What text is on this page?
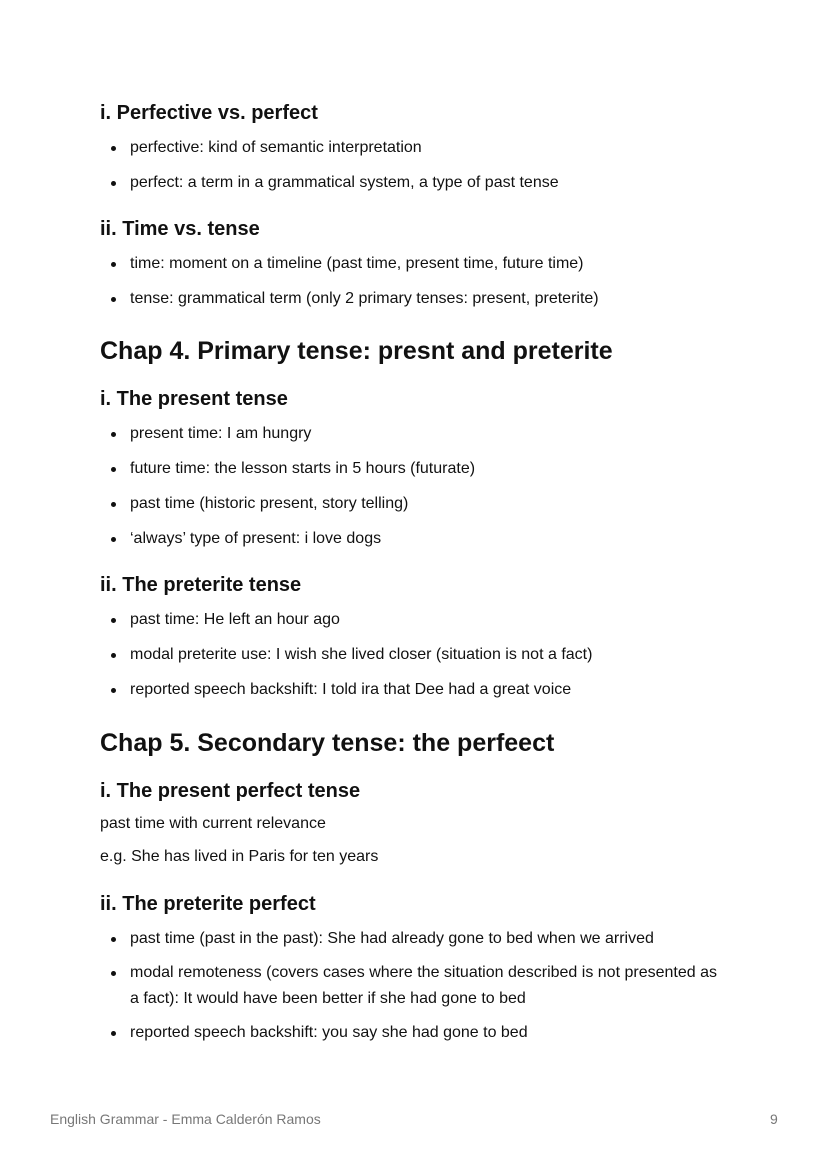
i. Perfective vs. perfect
perfective: kind of semantic interpretation
perfect: a term in a grammatical system, a type of past tense
ii. Time vs. tense
time: moment on a timeline (past time, present time, future time)
tense: grammatical term (only 2 primary tenses: present, preterite)
Chap 4. Primary tense: presnt and preterite
i. The present tense
present time: I am hungry
future time: the lesson starts in 5 hours (futurate)
past time (historic present, story telling)
‘always’ type of present: i love dogs
ii. The preterite tense
past time: He left an hour ago
modal preterite use: I wish she lived closer (situation is not a fact)
reported speech backshift: I told ira that Dee had a great voice
Chap 5. Secondary tense: the perfeect
i. The present perfect tense

past time with current relevance

e.g. She has lived in Paris for ten years

ii. The preterite perfect
past time (past in the past): She had already gone to bed when we arrived
modal remoteness (covers cases where the situation described is not presented as a fact): It would have been better if she had gone to bed
reported speech backshift: you say she had gone to bed
English Grammar - Emma Calderón Ramos	9
